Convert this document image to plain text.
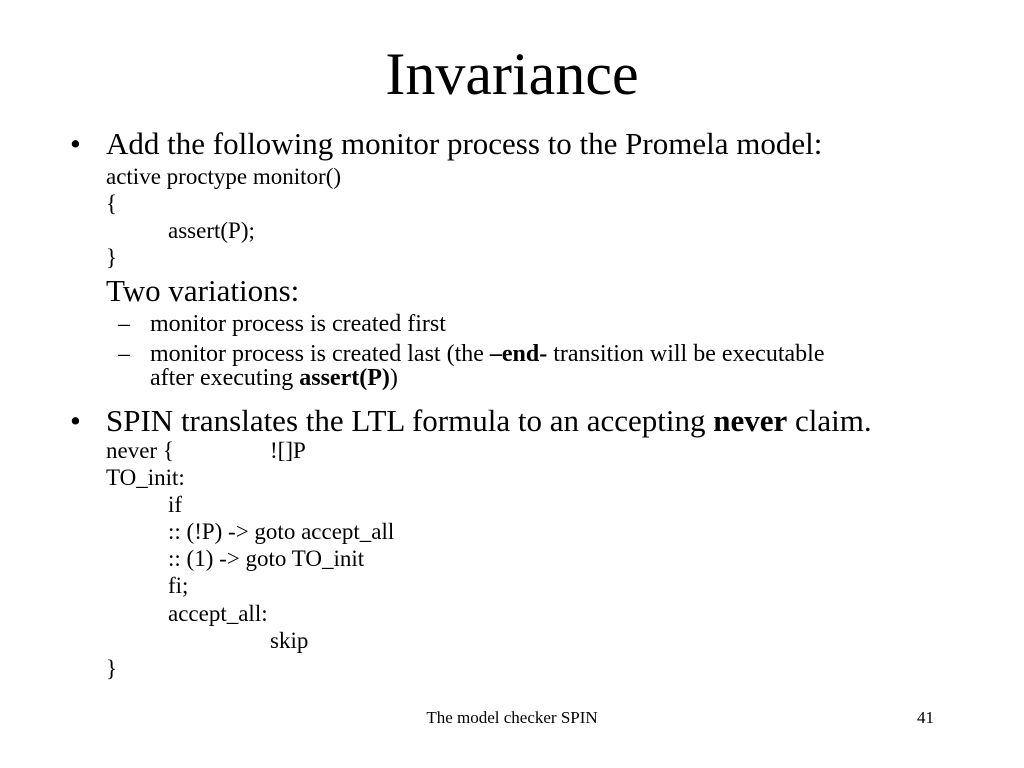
Invariance
• Add the following monitor process to the Promela model:
active proctype monitor()
{
assert(P);
}
Two variations:
– monitor process is created first
– monitor process is created last (the –end- transition will be executable
after executing assert(P))
• SPIN translates the LTL formula to an accepting never claim.
never {	![]P
TO_init:
if
:: (!P) -> goto accept_all
:: (1) -> goto TO_init
fi;
accept_all:
skip
}
The model checker SPIN	41
